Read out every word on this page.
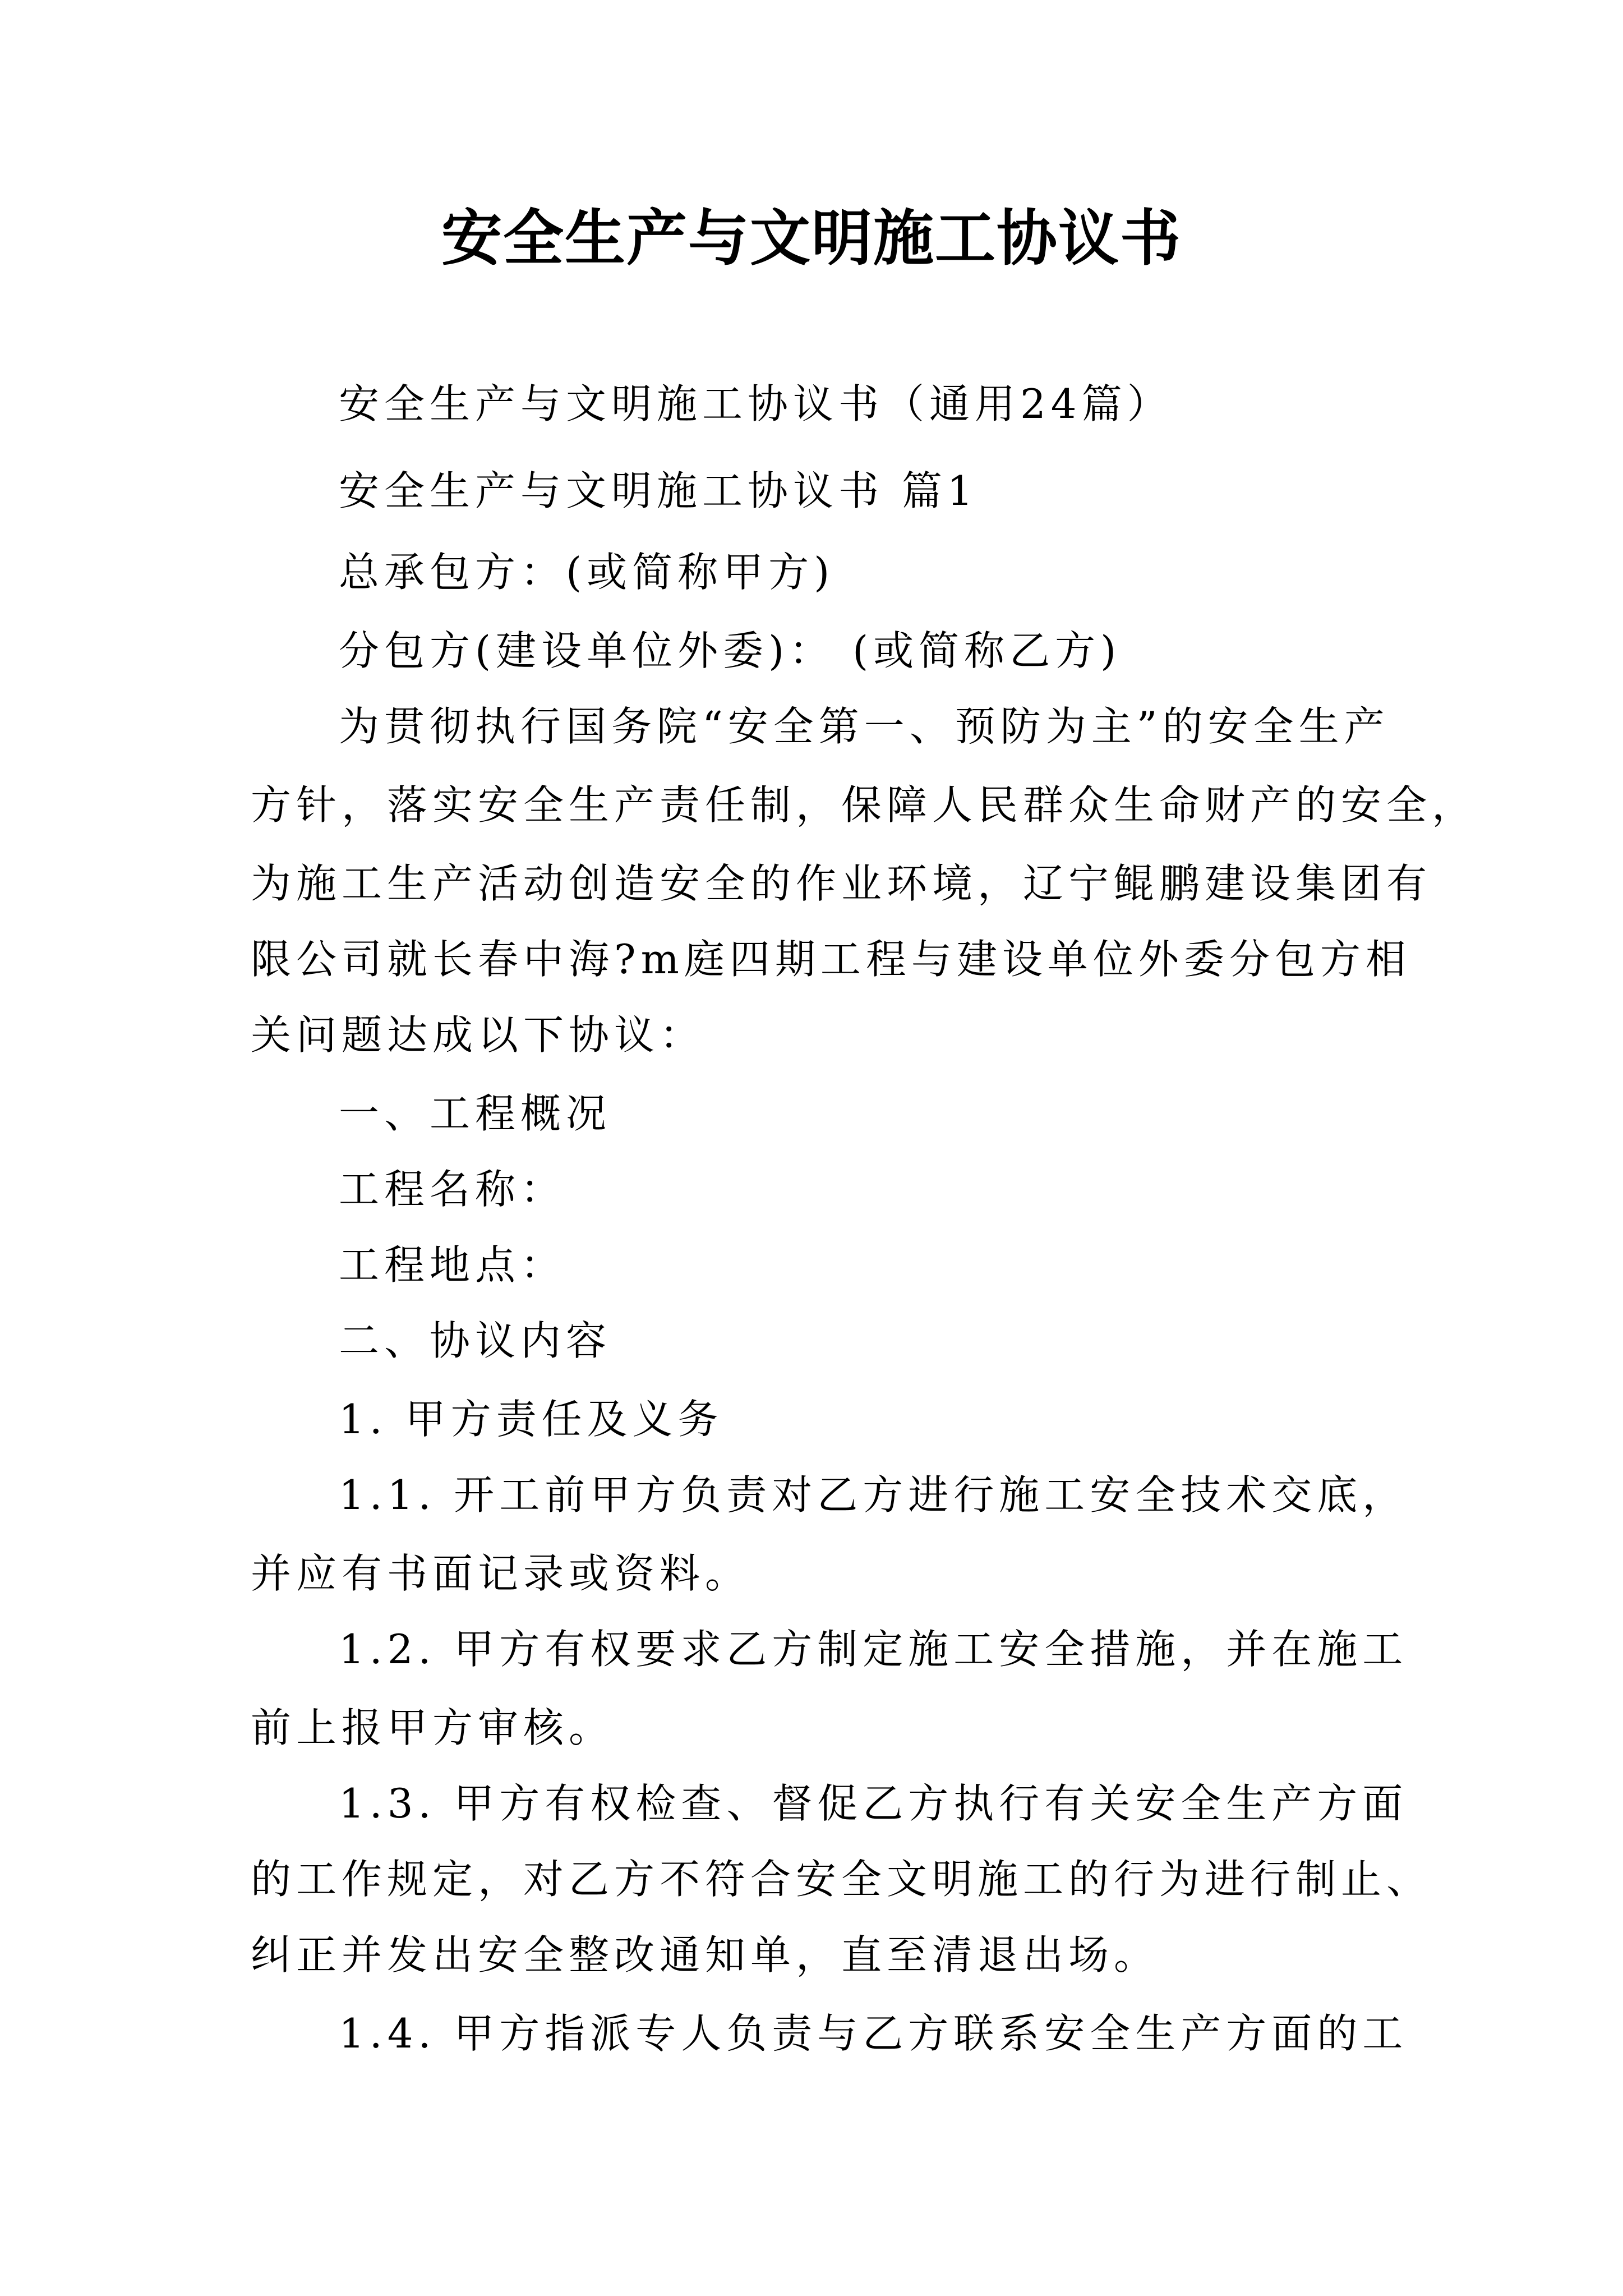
安全生产与文明施工协议书
安全生产与文明施工协议书（通用24篇）
安全生产与文明施工协议书 篇1
总承包方：(或简称甲方)
分包方(建设单位外委)： (或简称乙方)
为贯彻执行国务院“安全第一、预防为主”的安全生产
方针，落实安全生产责任制，保障人民群众生命财产的安全，
为施工生产活动创造安全的作业环境，辽宁鲲鹏建设集团有
限公司就长春中海?m庭四期工程与建设单位外委分包方相
关问题达成以下协议：
一、工程概况
工程名称：
工程地点：
二、协议内容
1. 甲方责任及义务
1.1. 开工前甲方负责对乙方进行施工安全技术交底，
并应有书面记录或资料。
1.2. 甲方有权要求乙方制定施工安全措施，并在施工
前上报甲方审核。
1.3. 甲方有权检查、督促乙方执行有关安全生产方面
的工作规定，对乙方不符合安全文明施工的行为进行制止、
纠正并发出安全整改通知单，直至清退出场。
1.4. 甲方指派专人负责与乙方联系安全生产方面的工
